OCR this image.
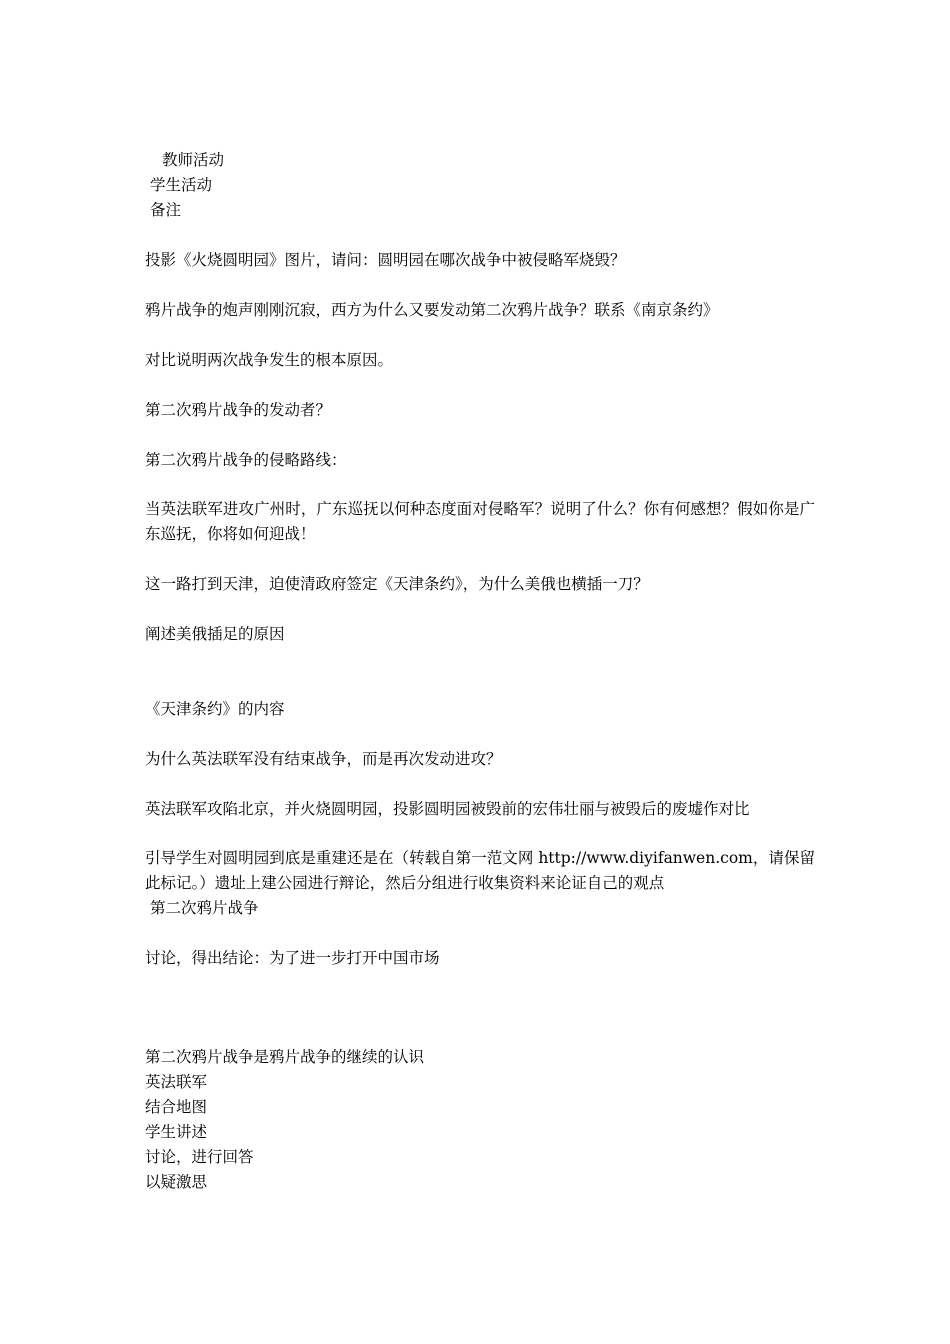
教师活动
学生活动
备注
投影《火烧圆明园》图片，请问：圆明园在哪次战争中被侵略军烧毁？
鸦片战争的炮声刚刚沉寂，西方为什么又要发动第二次鸦片战争？联系《南京条约》
对比说明两次战争发生的根本原因。
第二次鸦片战争的发动者？
第二次鸦片战争的侵略路线：
当英法联军进攻广州时，广东巡抚以何种态度面对侵略军？说明了什么？你有何感想？假如你是广东巡抚，你将如何迎战！
这一路打到天津，迫使清政府签定《天津条约》，为什么美俄也横插一刀？
阐述美俄插足的原因
《天津条约》的内容
为什么英法联军没有结束战争，而是再次发动进攻？
英法联军攻陷北京，并火烧圆明园，投影圆明园被毁前的宏伟壮丽与被毁后的废墟作对比
引导学生对圆明园到底是重建还是在（转载自第一范文网 http://www.diyifanwen.com，请保留此标记。）遗址上建公园进行辩论，然后分组进行收集资料来论证自己的观点
第二次鸦片战争
讨论，得出结论：为了进一步打开中国市场
第二次鸦片战争是鸦片战争的继续的认识
英法联军
结合地图
学生讲述
讨论，进行回答
以疑激思
